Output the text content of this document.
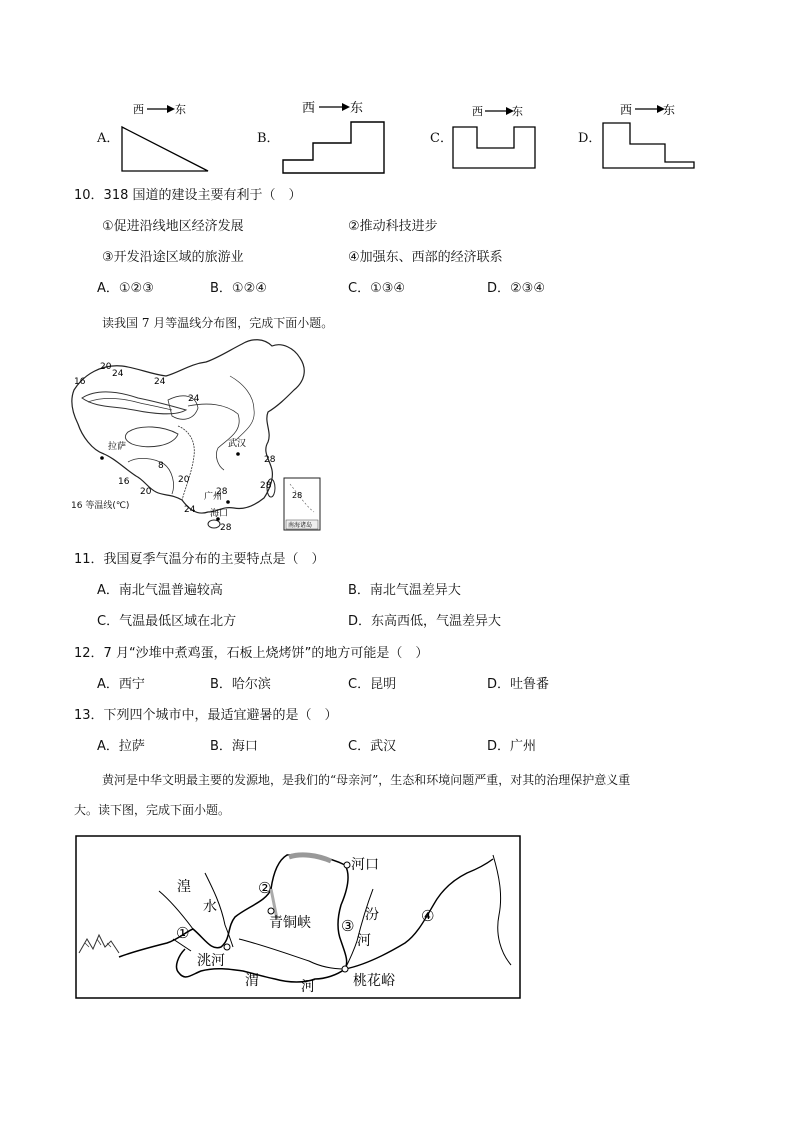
A．
西	东
B．
西	东
C．
西	东
D．
西	东
10．318 国道的建设主要有利于（　）
①促进沿线地区经济发展	②推动科技进步
③开发沿途区域的旅游业	④加强东、西部的经济联系
A．①②③	B．①②④	C．①③④	D．②③④
读我国 7 月等温线分布图，完成下面小题。
南海诸岛
28
20
16
24
24
24
8
拉萨	武汉
28
28
28
广州
20
16
20
24 海口
28
16 等温线(℃)
11．我国夏季气温分布的主要特点是（　）
A．南北气温普遍较高	B．南北气温差异大
C．气温最低区域在北方	D．东高西低，气温差异大
12．7 月“沙堆中煮鸡蛋，石板上烧烤饼”的地方可能是（　）
A．西宁	B．哈尔滨	C．昆明	D．吐鲁番
13．下列四个城市中，最适宜避暑的是（　）
A．拉萨	B．海口	C．武汉	D．广州
黄河是中华文明最主要的发源地，是我们的“母亲河”，生态和环境问题严重，对其的治理保护意义重
大。读下图，完成下面小题。
湟
水
②
①
洮河
渭	河
青铜峡 ③
汾
河
河口
④
桃花峪
